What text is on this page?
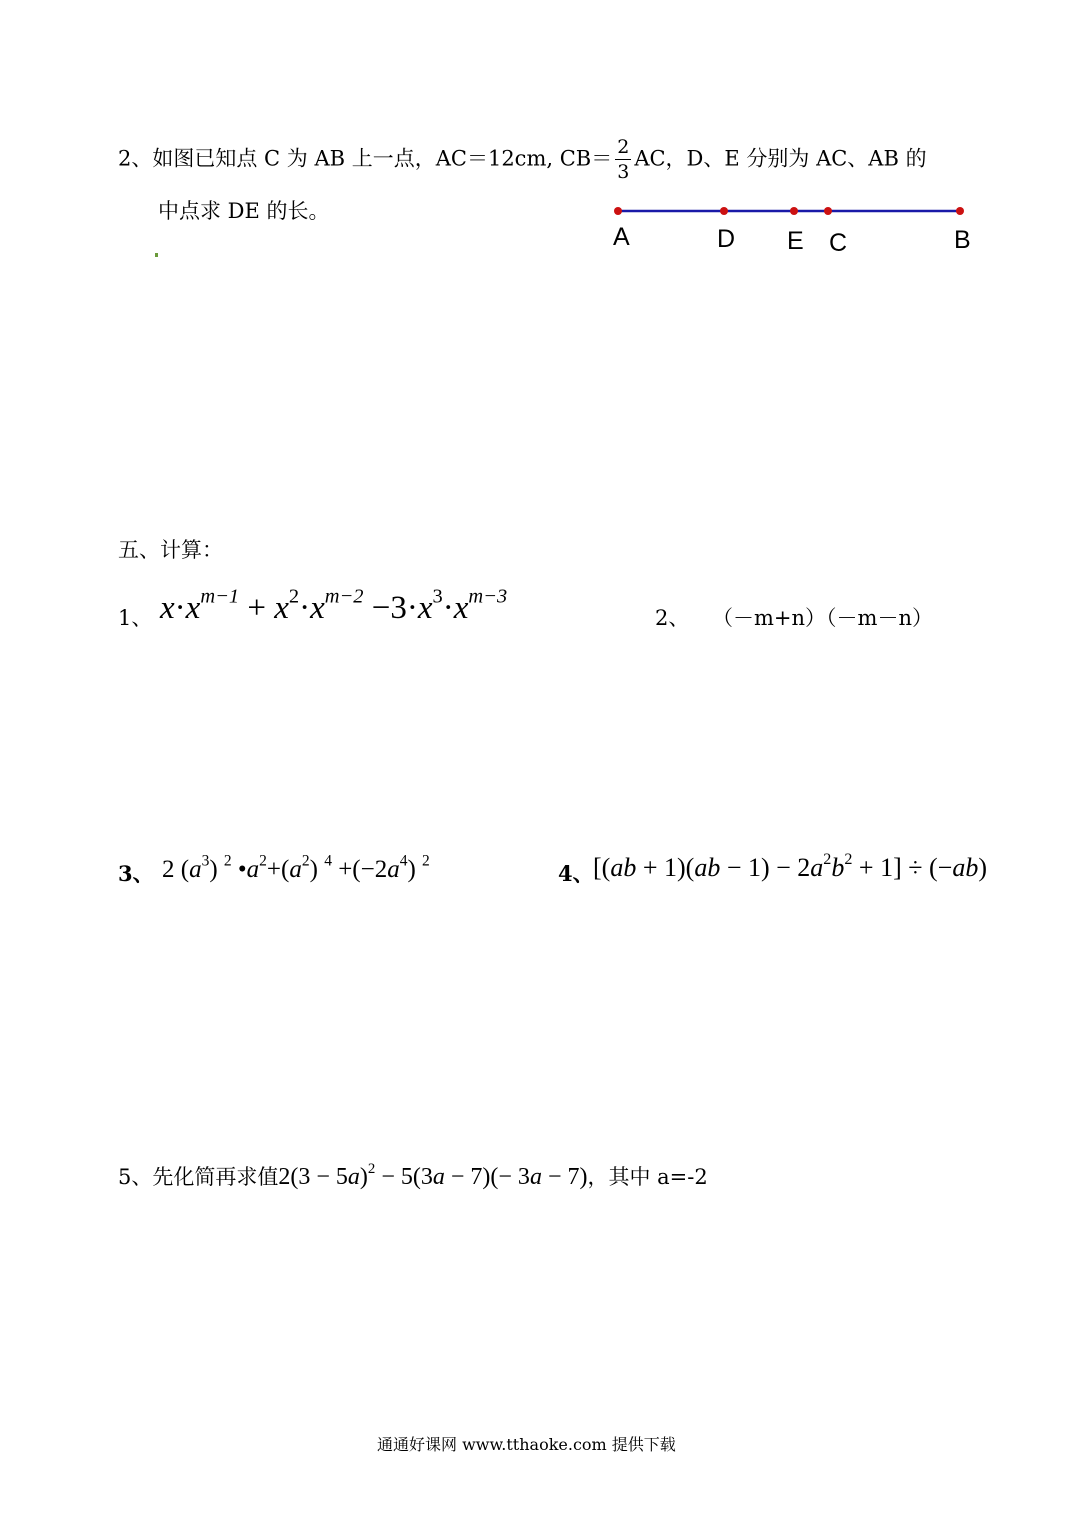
2、如图已知点 C 为 AB 上一点，AC＝12cm, $CB= \frac{2}{3}$ AC，D、E 分别为 AC、AB 的
中点求 DE 的长。
A	D E C	B
五、计算：
1、 $x\cdot x^{m-1} + x^2\cdot x^{m-2} -3\cdot x^3\cdot x^{m-3}$
2、 （－m+n）（－m－n）
3、 2 $(a^3)$ $^2$ $•a^2+(a^2)$ $^4 +(-2a^4)$ $^2$
4、 $[(ab + 1)(ab - 1) - 2a^2b^2 + 1] \div (-ab)$
5、先化简再求值$2(3 - 5a)^2 - 5(3a - 7)(- 3a - 7)$，其中 a=-2
通通好课网 www.tthaoke.com 提供下载
